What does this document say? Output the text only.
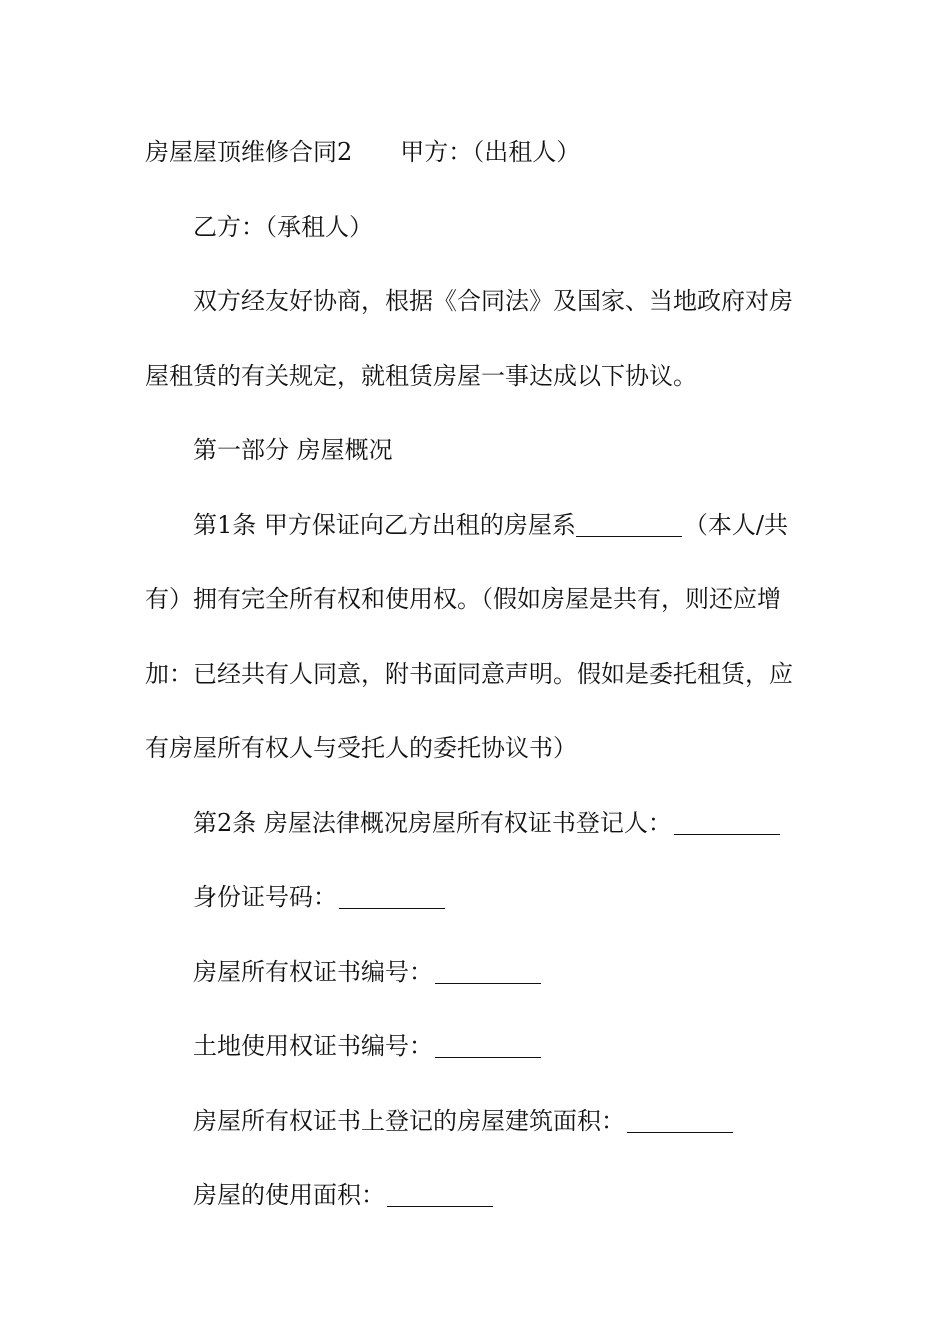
房屋屋顶维修合同2 甲方：（出租人）
乙方：（承租人）
双方经友好协商，根据《合同法》及国家、当地政府对房
屋租赁的有关规定，就租赁房屋一事达成以下协议。
第一部分 房屋概况
第1条 甲方保证向乙方出租的房屋系	（本人/共
有）拥有完全所有权和使用权。（假如房屋是共有，则还应增
加：已经共有人同意，附书面同意声明。假如是委托租赁，应
有房屋所有权人与受托人的委托协议书）
第2条 房屋法律概况房屋所有权证书登记人：
身份证号码：
房屋所有权证书编号：
土地使用权证书编号：
房屋所有权证书上登记的房屋建筑面积：
房屋的使用面积：
